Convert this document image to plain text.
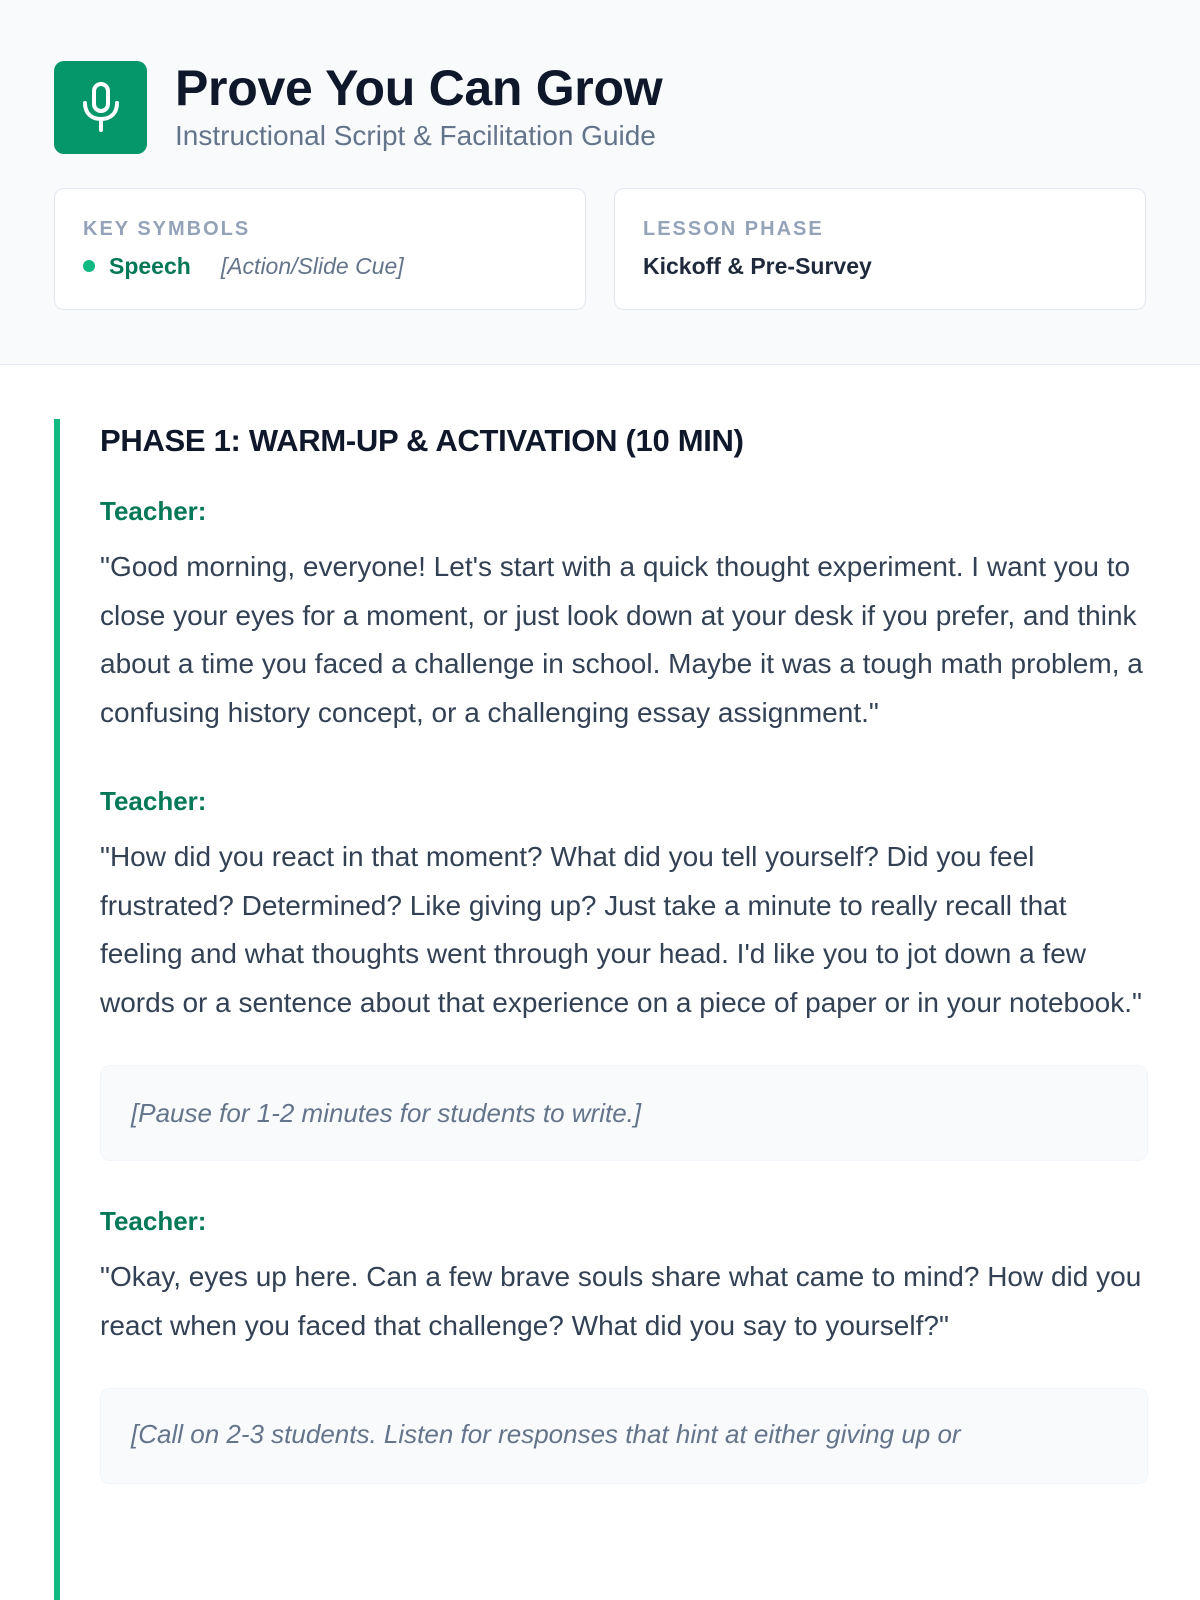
Prove You Can Grow
Instructional Script & Facilitation Guide
KEY SYMBOLS
Speech [Action/Slide Cue]
LESSON PHASE
Kickoff & Pre-Survey
PHASE 1: WARM-UP & ACTIVATION (10 MIN)
Teacher:
"Good morning, everyone! Let's start with a quick thought experiment. I want you to close your eyes for a moment, or just look down at your desk if you prefer, and think about a time you faced a challenge in school. Maybe it was a tough math problem, a confusing history concept, or a challenging essay assignment."
Teacher:
"How did you react in that moment? What did you tell yourself? Did you feel frustrated? Determined? Like giving up? Just take a minute to really recall that feeling and what thoughts went through your head. I'd like you to jot down a few words or a sentence about that experience on a piece of paper or in your notebook."
[Pause for 1-2 minutes for students to write.]
Teacher:
"Okay, eyes up here. Can a few brave souls share what came to mind? How did you react when you faced that challenge? What did you say to yourself?"
[Call on 2-3 students. Listen for responses that hint at either giving up or
